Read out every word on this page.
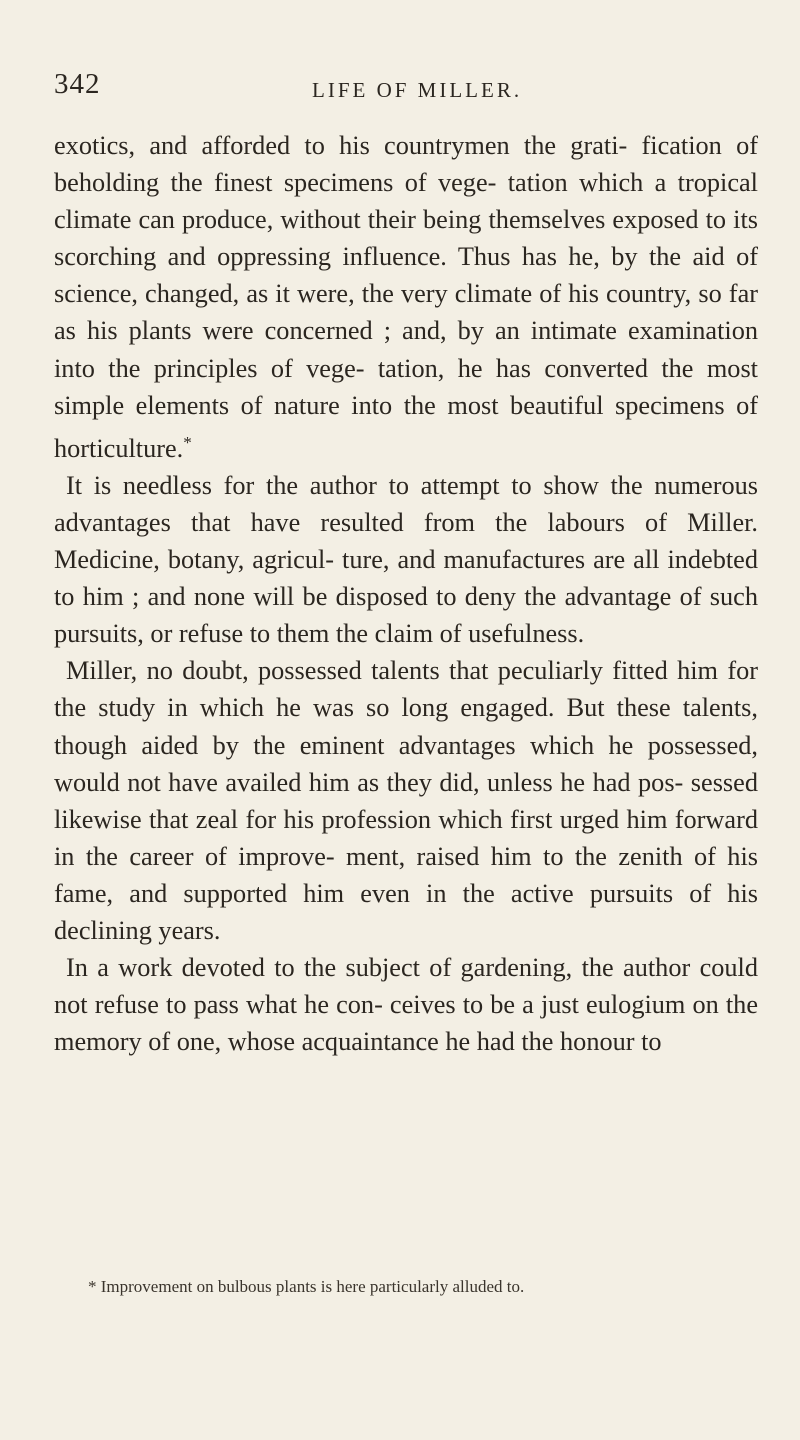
342	LIFE OF MILLER.

exotics, and afforded to his countrymen the grati- fication of beholding the finest specimens of vege- tation which a tropical climate can produce, without their being themselves exposed to its scorching and oppressing influence. Thus has he, by the aid of science, changed, as it were, the very climate of his country, so far as his plants were concerned ; and, by an intimate examination into the principles of vege- tation, he has converted the most simple elements of nature into the most beautiful specimens of horticulture.*

It is needless for the author to attempt to show the numerous advantages that have resulted from the labours of Miller. Medicine, botany, agricul- ture, and manufactures are all indebted to him ; and none will be disposed to deny the advantage of such pursuits, or refuse to them the claim of usefulness.

Miller, no doubt, possessed talents that peculiarly fitted him for the study in which he was so long engaged. But these talents, though aided by the eminent advantages which he possessed, would not have availed him as they did, unless he had pos- sessed likewise that zeal for his profession which first urged him forward in the career of improve- ment, raised him to the zenith of his fame, and supported him even in the active pursuits of his declining years.

In a work devoted to the subject of gardening, the author could not refuse to pass what he con- ceives to be a just eulogium on the memory of one, whose acquaintance he had the honour to

* Improvement on bulbous plants is here particularly alluded to.
